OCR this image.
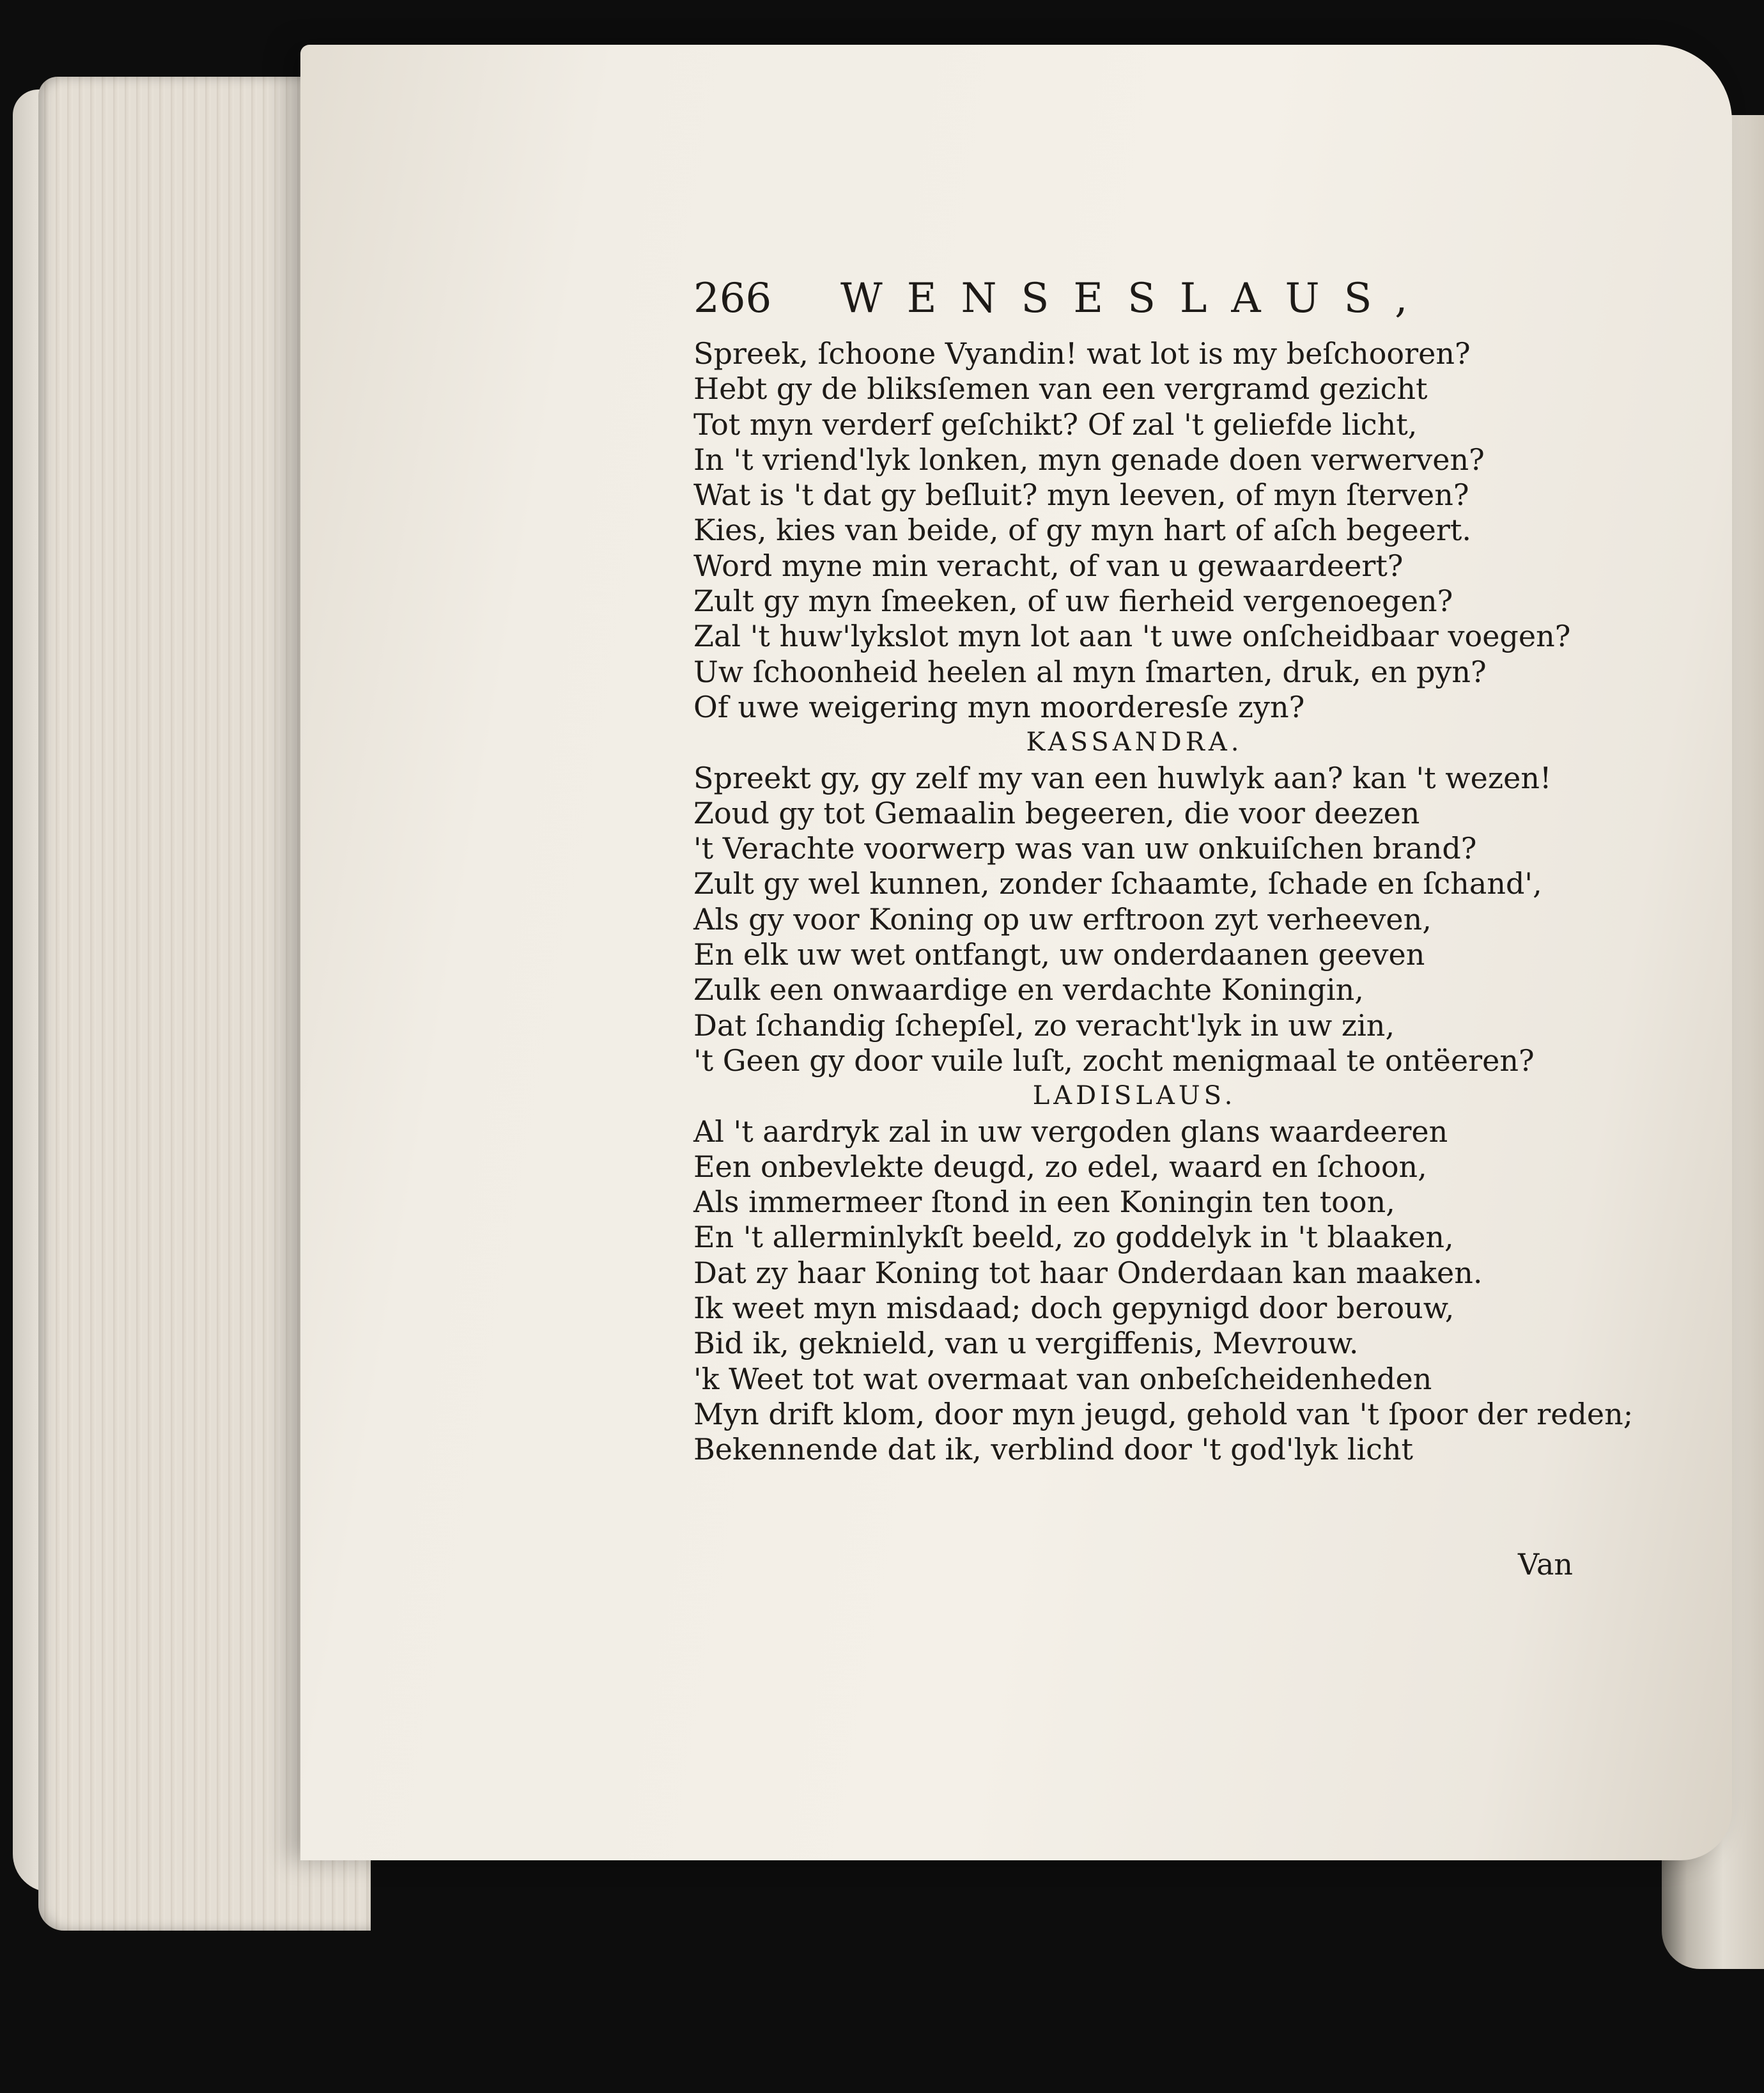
266 WENSESLAUS,
Spreek, ſchoone Vyandin! wat lot is my beſchooren?
Hebt gy de bliksſemen van een vergramd gezicht
Tot myn verderf geſchikt? Of zal 't geliefde licht,
In 't vriend'lyk lonken, myn genade doen verwerven?
Wat is 't dat gy beſluit? myn leeven, of myn ſterven?
Kies, kies van beide, of gy myn hart of aſch begeert.
Word myne min veracht, of van u gewaardeert?
Zult gy myn ſmeeken, of uw fierheid vergenoegen?
Zal 't huw'lykslot myn lot aan 't uwe onſcheidbaar voegen?
Uw ſchoonheid heelen al myn ſmarten, druk, en pyn?
Of uwe weigering myn moorderesſe zyn?
KASSANDRA.
Spreekt gy, gy zelf my van een huwlyk aan? kan 't wezen!
Zoud gy tot Gemaalin begeeren, die voor deezen
't Verachte voorwerp was van uw onkuiſchen brand?
Zult gy wel kunnen, zonder ſchaamte, ſchade en ſchand',
Als gy voor Koning op uw erftroon zyt verheeven,
En elk uw wet ontfangt, uw onderdaanen geeven
Zulk een onwaardige en verdachte Koningin,
Dat ſchandig ſchepſel, zo veracht'lyk in uw zin,
't Geen gy door vuile luſt, zocht menigmaal te ontëeren?
LADISLAUS.
Al 't aardryk zal in uw vergoden glans waardeeren
Een onbevlekte deugd, zo edel, waard en ſchoon,
Als immermeer ſtond in een Koningin ten toon,
En 't allerminlykſt beeld, zo goddelyk in 't blaaken,
Dat zy haar Koning tot haar Onderdaan kan maaken.
Ik weet myn misdaad; doch gepynigd door berouw,
Bid ik, geknield, van u vergiffenis, Mevrouw.
'k Weet tot wat overmaat van onbeſcheidenheden
Myn drift klom, door myn jeugd, gehold van 't ſpoor der reden;
Bekennende dat ik, verblind door 't god'lyk licht
Van
